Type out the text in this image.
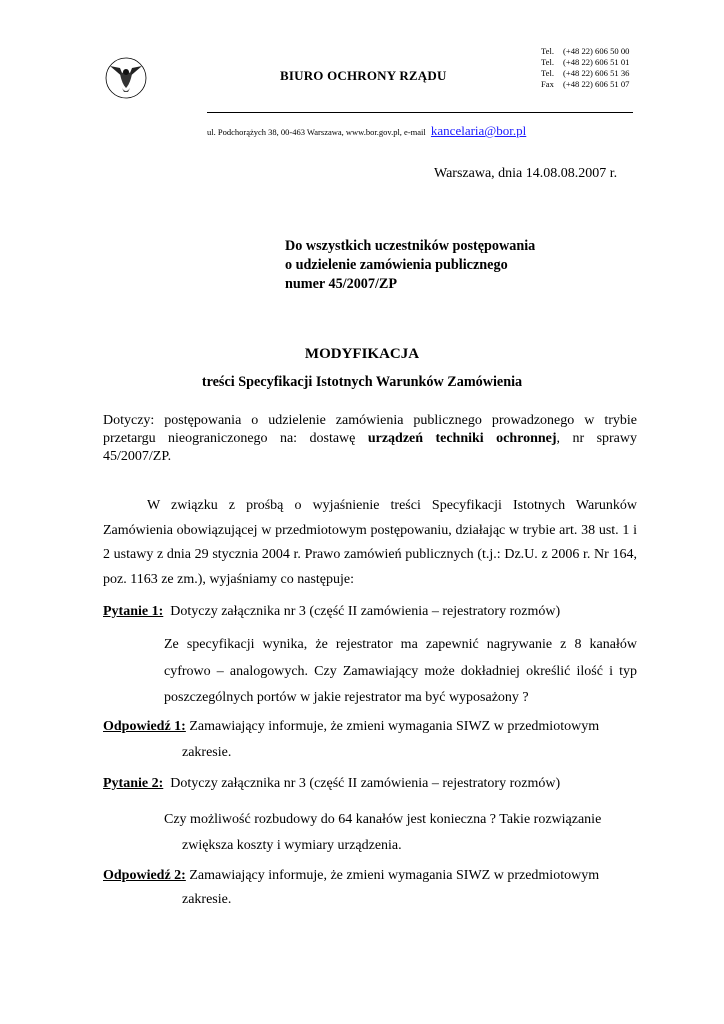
BIURO OCHRONY RZĄDU
Tel. (+48 22) 606 50 00
Tel. (+48 22) 606 51 01
Tel. (+48 22) 606 51 36
Fax (+48 22) 606 51 07
ul. Podchorążych 38, 00-463 Warszawa, www.bor.gov.pl, e-mail kancelaria@bor.pl
Warszawa, dnia 14.08.08.2007 r.
Do wszystkich uczestników postępowania
o udzielenie zamówienia publicznego
numer 45/2007/ZP
MODYFIKACJA
treści Specyfikacji Istotnych Warunków Zamówienia
Dotyczy: postępowania o udzielenie zamówienia publicznego prowadzonego w trybie przetargu nieograniczonego na: dostawę urządzeń techniki ochronnej, nr sprawy 45/2007/ZP.
W związku z prośbą o wyjaśnienie treści Specyfikacji Istotnych Warunków Zamówienia obowiązującej w przedmiotowym postępowaniu, działając w trybie art. 38 ust. 1 i 2 ustawy z dnia 29 stycznia 2004 r. Prawo zamówień publicznych (t.j.: Dz.U. z 2006 r. Nr 164, poz. 1163 ze zm.), wyjaśniamy co następuje:
Pytanie 1: Dotyczy załącznika nr 3 (część II zamówienia – rejestratory rozmów)
Ze specyfikacji wynika, że rejestrator ma zapewnić nagrywanie z 8 kanałów cyfrowo – analogowych. Czy Zamawiający może dokładniej określić ilość i typ poszczególnych portów w jakie rejestrator ma być wyposażony ?
Odpowiedź 1: Zamawiający informuje, że zmieni wymagania SIWZ w przedmiotowym
zakresie.
Pytanie 2: Dotyczy załącznika nr 3 (część II zamówienia – rejestratory rozmów)
Czy możliwość rozbudowy do 64 kanałów jest konieczna ? Takie rozwiązanie
zwiększa koszty i wymiary urządzenia.
Odpowiedź 2: Zamawiający informuje, że zmieni wymagania SIWZ w przedmiotowym
zakresie.
